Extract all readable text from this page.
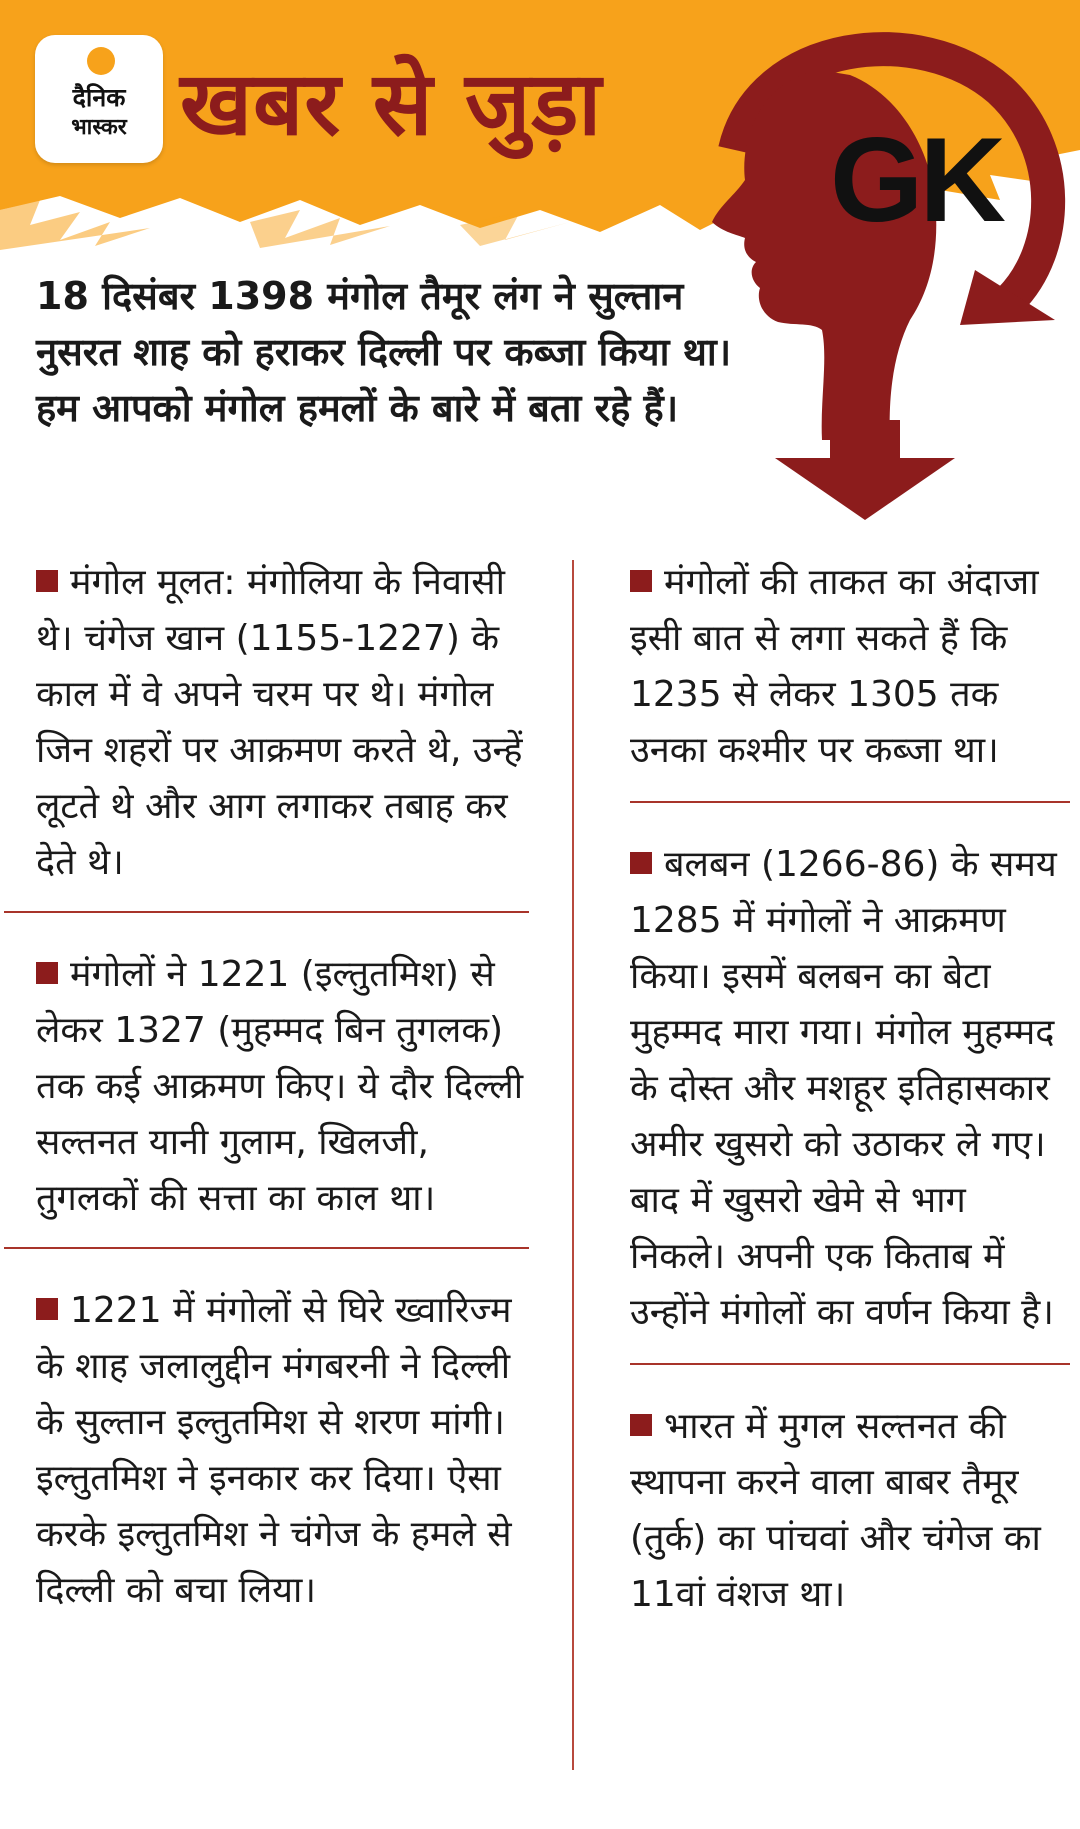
दैनिक
भास्कर खबर से जुड़ा
GK
18 दिसंबर 1398 मंगोल तैमूर लंग ने सुल्तान नुसरत शाह को हराकर दिल्ली पर कब्जा किया था। हम आपको मंगोल हमलों के बारे में बता रहे हैं।

मंगोल मूलत: मंगोलिया के निवासी थे। चंगेज खान (1155-1227) के काल में वे अपने चरम पर थे। मंगोल जिन शहरों पर आक्रमण करते थे, उन्हें लूटते थे और आग लगाकर तबाह कर देते थे।

मंगोलों ने 1221 (इल्तुतमिश) से लेकर 1327 (मुहम्मद बिन तुगलक) तक कई आक्रमण किए। ये दौर दिल्ली सल्तनत यानी गुलाम, खिलजी, तुगलकों की सत्ता का काल था।

1221 में मंगोलों से घिरे ख्वारिज्म के शाह जलालुद्दीन मंगबरनी ने दिल्ली के सुल्तान इल्तुतमिश से शरण मांगी। इल्तुतमिश ने इनकार कर दिया। ऐसा करके इल्तुतमिश ने चंगेज के हमले से दिल्ली को बचा लिया।

मंगोलों की ताकत का अंदाजा इसी बात से लगा सकते हैं कि 1235 से लेकर 1305 तक उनका कश्मीर पर कब्जा था।

बलबन (1266-86) के समय 1285 में मंगोलों ने आक्रमण किया। इसमें बलबन का बेटा मुहम्मद मारा गया। मंगोल मुहम्मद के दोस्त और मशहूर इतिहासकार अमीर खुसरो को उठाकर ले गए। बाद में खुसरो खेमे से भाग निकले। अपनी एक किताब में उन्होंने मंगोलों का वर्णन किया है।

भारत में मुगल सल्तनत की स्थापना करने वाला बाबर तैमूर (तुर्क) का पांचवां और चंगेज का 11वां वंशज था।
